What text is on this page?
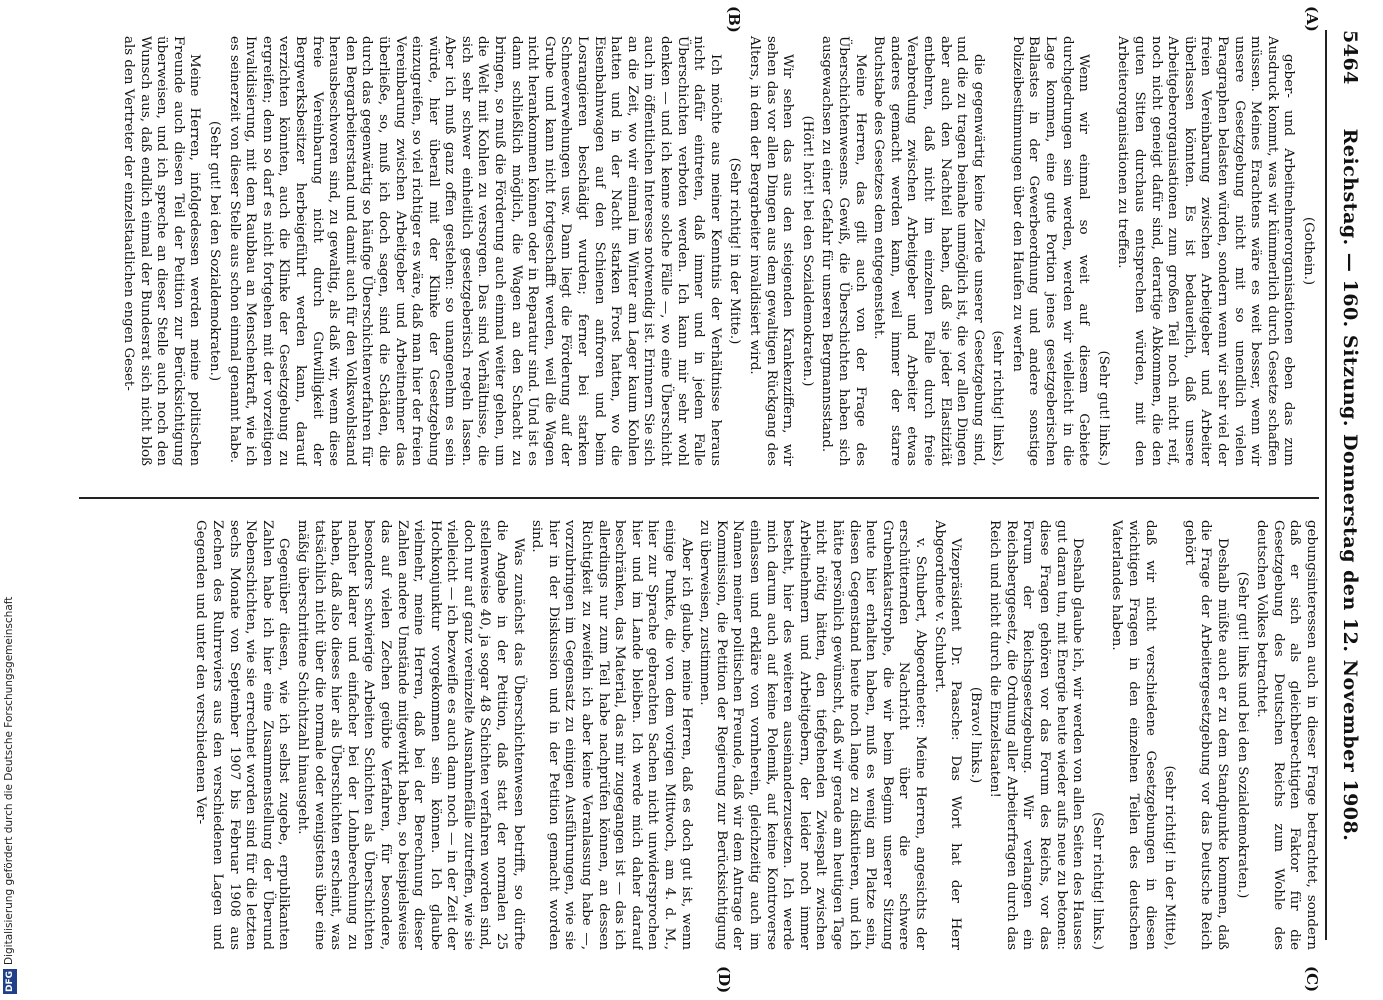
5464
Reichstag. — 160. Sitzung. Donnerstag den 12. November 1908.
(A)
(B)
(C)
(D)

(Gothein.)

geber- und Arbeitnehmerorganisationen eben das zum Ausdruck kommt, was wir kümmerlich durch Gesetze schaffen müssen. Meines Erachtens wäre es weit besser, wenn wir unsere Gesetzgebung nicht mit so unendlich vielen Paragraphen belasten würden, sondern wenn wir sehr viel der freien Vereinbarung zwischen Arbeitgeber und Arbeiter überlassen könnten. Es ist bedauerlich, daß unsere Arbeitgeberorganisationen zum großen Teil noch nicht reif, noch nicht geneigt dafür sind, derartige Abkommen, die den guten Sitten durchaus entsprechen würden, mit den Arbeiterorganisationen zu treffen.

(Sehr gut! links.)

Wenn wir einmal so weit auf diesem Gebiete durchgedrungen sein werden, werden wir vielleicht in die Lage kommen, eine gute Portion jenes gesetzgeberischen Ballastes in der Gewerbeordnung und andere sonstige Polizeibestimmungen über den Haufen zu werfen

(sehr richtig! links),

die gegenwärtig keine Zierde unserer Gesetzgebung sind, und die zu tragen beinahe unmöglich ist, die vor allen Dingen aber auch den Nachteil haben, daß sie jeder Elastizität entbehren, daß nicht im einzelnen Falle durch freie Verabredung zwischen Arbeitgeber und Arbeiter etwas anderes gemacht werden kann, weil immer der starre Buchstabe des Gesetzes dem entgegensteht.

Meine Herren, das gilt auch von der Frage des Überschichtenwesens. Gewiß, die Überschichten haben sich ausgewachsen zu einer Gefahr für unseren Bergmannsstand.

(Hört! hört! bei den Sozialdemokraten.)

Wir sehen das aus den steigenden Krankenziffern, wir sehen das vor allen Dingen aus dem gewaltigen Rückgang des Alters, in dem der Bergarbeiter invalidisiert wird.

(Sehr richtig! in der Mitte.)

Ich möchte aus meiner Kenntnis der Verhältnisse heraus nicht dafür eintreten, daß immer und in jedem Falle Überschichten verboten werden. Ich kann mir sehr wohl denken — und ich kenne solche Fälle —, wo eine Überschicht auch im öffentlichen Interesse notwendig ist. Erinnern Sie sich an die Zeit, wo wir einmal im Winter am Lager kaum Kohlen hatten und in der Nacht starken Frost hatten, wo die Eisenbahnwagen auf den Schienen anfroren und beim Losrangieren beschädigt wurden; ferner bei starken Schneeverwehungen usw. Dann liegt die Förderung auf der Grube und kann nicht fortgeschafft werden, weil die Wagen nicht herankommen können oder in Reparatur sind. Und ist es dann schließlich möglich, die Wagen an den Schacht zu bringen, so muß die Förderung auch einmal weiter gehen, um die Welt mit Kohlen zu versorgen. Das sind Verhältnisse, die sich sehr schwer einheitlich gesetzgeberisch regeln lassen. Aber ich muß ganz offen gestehen: so unangenehm es sein würde, hier überall mit der Klinke der Gesetzgebung einzugreifen, so viel richtiger es wäre, daß man hier der freien Vereinbarung zwischen Arbeitgeber und Arbeitnehmer das überließe, so, muß ich doch sagen, sind die Schäden, die durch das gegenwärtig so häufige Überschichtenverfahren für den Bergarbeiterstand und damit auch für den Volkswohlstand herausbeschworen sind, zu gewaltig, als daß wir, wenn diese freie Vereinbarung nicht durch Gutwilligkeit der Bergwerksbesitzer herbeigeführt werden kann, darauf verzichten könnten, auch die Klinke der Gesetzgebung zu ergreifen; denn so darf es nicht fortgehen mit der vorzeitigen Invalidisierung, mit dem Raubbau an Menschenkraft, wie ich es seinerzeit von dieser Stelle aus schon einmal genannt habe.

(Sehr gut! bei den Sozialdemokraten.)

Meine Herren, infolgedessen werden meine politischen Freunde auch diesen Teil der Petition zur Berücksichtigung überweisen, und ich spreche an dieser Stelle auch noch den Wunsch aus, daß endlich einmal der Bundesrat sich nicht bloß als den Vertreter der einzelstaatlichen engen Geset-

gebungsinteressen auch in dieser Frage betrachtet, sondern daß er sich als gleichberechtigten Faktor für die Gesetzgebung des Deutschen Reichs zum Wohle des deutschen Volkes betrachtet.

(Sehr gut! links und bei den Sozialdemokraten.)

Deshalb müßte auch er zu dem Standpunkte kommen, daß die Frage der Arbeitergesetzgebung vor das Deutsche Reich gehört

(sehr richtig! in der Mitte),

daß wir nicht verschiedene Gesetzgebungen in diesen wichtigen Fragen in den einzelnen Teilen des deutschen Vaterlandes haben.

(Sehr richtig! links.)

Deshalb glaube ich, wir werden von allen Seiten des Hauses gut daran tun, mit Energie heute wieder aufs neue zu betonen: diese Fragen gehören vor das Forum des Reichs, vor das Forum der Reichsgesetzgebung. Wir verlangen ein Reichsberggesetz, die Ordnung aller Arbeiterfragen durch das Reich und nicht durch die Einzelstaaten!

(Bravo! links.)

Vizepräsident Dr. Paasche: Das Wort hat der Herr Abgeordnete v. Schubert.

v. Schubert, Abgeordneter: Meine Herren, angesichts der erschütternden Nachricht über die schwere Grubenkatastrophe, die wir beim Beginn unserer Sitzung heute hier erhalten haben, muß es wenig am Platze sein, diesen Gegenstand heute noch lange zu diskutieren, und ich hätte persönlich gewünscht, daß wir gerade am heutigen Tage nicht nötig hätten, den tiefgehenden Zwiespalt zwischen Arbeitnehmern und Arbeitgebern, der leider noch immer besteht, hier des weiteren auseinanderzusetzen. Ich werde mich darum auch auf keine Polemik, auf keine Kontroverse einlassen und erkläre von vornherein, gleichzeitig auch im Namen meiner politischen Freunde, daß wir dem Antrage der Kommission, die Petition der Regierung zur Berücksichtigung zu überweisen, zustimmen.

Aber ich glaube, meine Herren, daß es doch gut ist, wenn einige Punkte, die von dem vorigen Mittwoch, am 4. d. M., hier zur Sprache gebrachten Sachen nicht unwidersprochen hier und im Lande bleiben. Ich werde mich daher darauf beschränken, das Material, das mir zugegangen ist — das ich allerdings nur zum Teil habe nachprüfen können, an dessen Richtigkeit zu zweifeln ich aber keine Veranlassung habe —, vorzubringen im Gegensatz zu einigen Ausführungen, wie sie hier in der Diskussion und in der Petition gemacht worden sind.

Was zunächst das Überschichtenwesen betrifft, so dürfte die Angabe in der Petition, daß statt der normalen 25 stellenweise 40, ja sogar 48 Schichten verfahren worden sind, doch nur auf ganz vereinzelte Ausnahmefälle zutreffen, wie sie vielleicht — ich bezweifle es auch dann noch — in der Zeit der Hochkonjunktur vorgekommen sein können. Ich glaube vielmehr, meine Herren, daß bei der Berechnung dieser Zahlen andere Umstände mitgewirkt haben, so beispielsweise das auf vielen Zechen geübte Verfahren, für besondere, besonders schwierige Arbeiten Schichten als Überschichten nachher klarer und einfacher bei der Lohnberechnung zu haben, daß also dieses hier als Überschichten erscheint, was tatsächlich nicht über die normale oder wenigstens über eine mäßig überschrittene Schichtzahl hinausgeht.

Gegenüber diesen, wie ich selbst zugebe, erpublikanten Zahlen habe ich hier eine Zusammenstellung der Überund Nebenschichten, wie sie errechnet worden sind für die letzten sechs Monate von September 1907 bis Februar 1908 aus Zechen des Ruhrreviers aus den verschiedenen Lagen und Gegenden und unter den verschiedenen Ver-

DFGDigitalisierung gefördert durch die Deutsche Forschungsgemeinschaft
